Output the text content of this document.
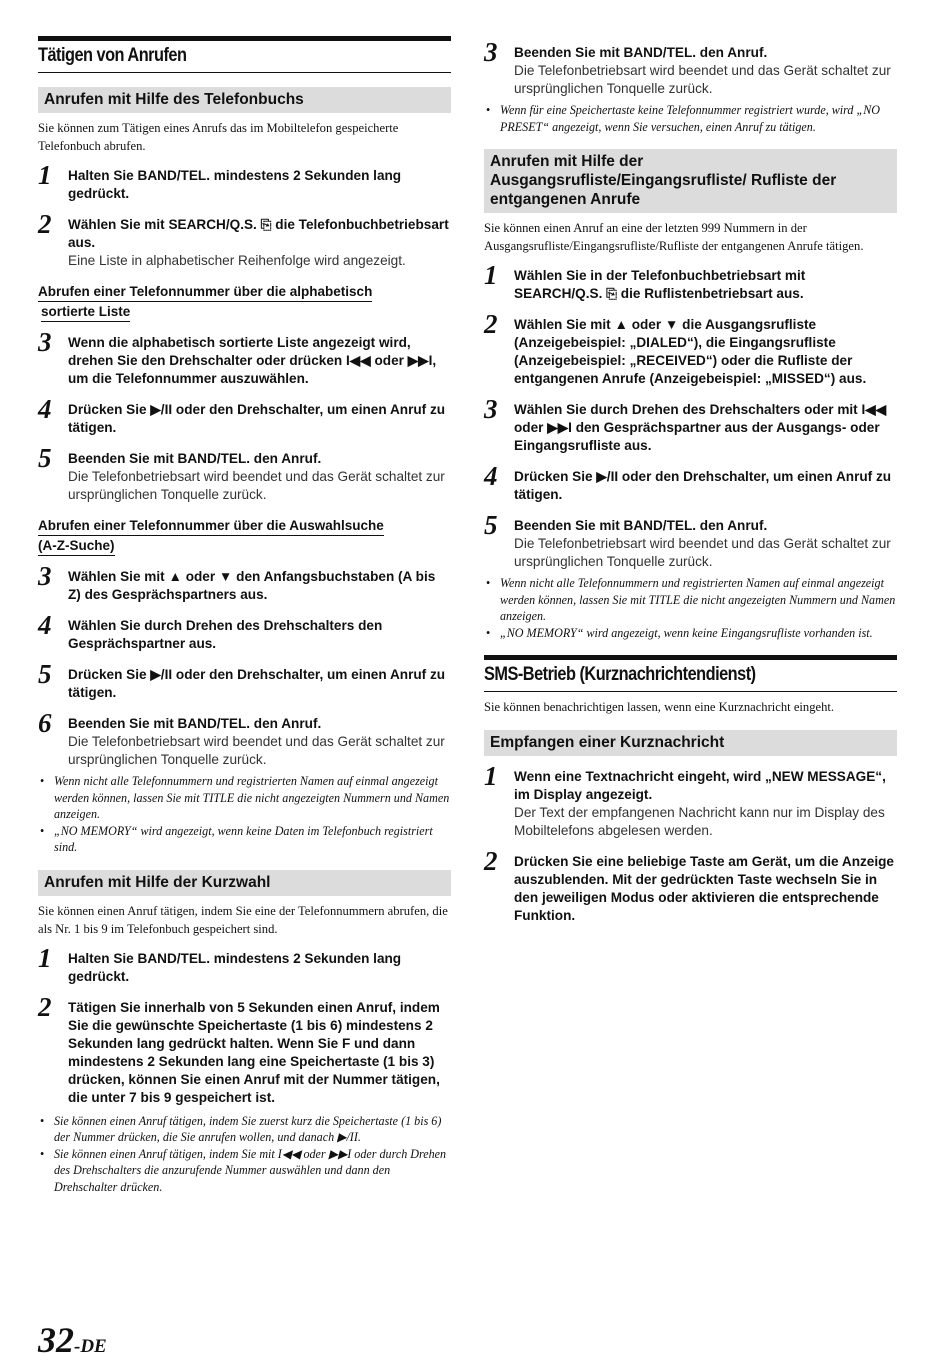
Tätigen von Anrufen
Anrufen mit Hilfe des Telefonbuchs
Sie können zum Tätigen eines Anrufs das im Mobiltelefon gespeicherte Telefonbuch abrufen.
1 Halten Sie BAND/TEL. mindestens 2 Sekunden lang gedrückt.
2 Wählen Sie mit SEARCH/Q.S. ⎘ die Telefonbuchbetriebsart aus.
Eine Liste in alphabetischer Reihenfolge wird angezeigt.
Abrufen einer Telefonnummer über die alphabetisch
sortierte Liste
3 Wenn die alphabetisch sortierte Liste angezeigt wird, drehen Sie den Drehschalter oder drücken I◀◀ oder ▶▶I, um die Telefonnummer auszuwählen.
4 Drücken Sie ▶/II oder den Drehschalter, um einen Anruf zu tätigen.
5 Beenden Sie mit BAND/TEL. den Anruf.
Die Telefonbetriebsart wird beendet und das Gerät schaltet zur ursprünglichen Tonquelle zurück.
Abrufen einer Telefonnummer über die Auswahlsuche
(A-Z-Suche)
3 Wählen Sie mit ▲ oder ▼ den Anfangsbuchstaben (A bis Z) des Gesprächspartners aus.
4 Wählen Sie durch Drehen des Drehschalters den Gesprächspartner aus.
5 Drücken Sie ▶/II oder den Drehschalter, um einen Anruf zu tätigen.
6 Beenden Sie mit BAND/TEL. den Anruf.
Die Telefonbetriebsart wird beendet und das Gerät schaltet zur ursprünglichen Tonquelle zurück.
• Wenn nicht alle Telefonnummern und registrierten Namen auf einmal angezeigt werden können, lassen Sie mit TITLE die nicht angezeigten Nummern und Namen anzeigen.
• „NO MEMORY“ wird angezeigt, wenn keine Daten im Telefonbuch registriert sind.
Anrufen mit Hilfe der Kurzwahl
Sie können einen Anruf tätigen, indem Sie eine der Telefonnummern abrufen, die als Nr. 1 bis 9 im Telefonbuch gespeichert sind.
1 Halten Sie BAND/TEL. mindestens 2 Sekunden lang gedrückt.
2 Tätigen Sie innerhalb von 5 Sekunden einen Anruf, indem Sie die gewünschte Speichertaste (1 bis 6) mindestens 2 Sekunden lang gedrückt halten. Wenn Sie F und dann mindestens 2 Sekunden lang eine Speichertaste (1 bis 3) drücken, können Sie einen Anruf mit der Nummer tätigen, die unter 7 bis 9 gespeichert ist.
• Sie können einen Anruf tätigen, indem Sie zuerst kurz die Speichertaste (1 bis 6) der Nummer drücken, die Sie anrufen wollen, und danach ▶/II.
• Sie können einen Anruf tätigen, indem Sie mit I◀◀ oder ▶▶I oder durch Drehen des Drehschalters die anzurufende Nummer auswählen und dann den Drehschalter drücken.
3 Beenden Sie mit BAND/TEL. den Anruf.
Die Telefonbetriebsart wird beendet und das Gerät schaltet zur ursprünglichen Tonquelle zurück.
• Wenn für eine Speichertaste keine Telefonnummer registriert wurde, wird „NO PRESET“ angezeigt, wenn Sie versuchen, einen Anruf zu tätigen.
Anrufen mit Hilfe der Ausgangsrufliste/Eingangsrufliste/ Rufliste der entgangenen Anrufe
Sie können einen Anruf an eine der letzten 999 Nummern in der Ausgangsrufliste/Eingangsrufliste/Rufliste der entgangenen Anrufe tätigen.
1 Wählen Sie in der Telefonbuchbetriebsart mit SEARCH/Q.S. ⎘ die Ruflistenbetriebsart aus.
2 Wählen Sie mit ▲ oder ▼ die Ausgangsrufliste (Anzeigebeispiel: „DIALED“), die Eingangsrufliste (Anzeigebeispiel: „RECEIVED“) oder die Rufliste der entgangenen Anrufe (Anzeigebeispiel: „MISSED“) aus.
3 Wählen Sie durch Drehen des Drehschalters oder mit I◀◀ oder ▶▶I den Gesprächspartner aus der Ausgangs- oder Eingangsrufliste aus.
4 Drücken Sie ▶/II oder den Drehschalter, um einen Anruf zu tätigen.
5 Beenden Sie mit BAND/TEL. den Anruf.
Die Telefonbetriebsart wird beendet und das Gerät schaltet zur ursprünglichen Tonquelle zurück.
• Wenn nicht alle Telefonnummern und registrierten Namen auf einmal angezeigt werden können, lassen Sie mit TITLE die nicht angezeigten Nummern und Namen anzeigen.
• „NO MEMORY“ wird angezeigt, wenn keine Eingangsrufliste vorhanden ist.
SMS-Betrieb (Kurznachrichtendienst)
Sie können benachrichtigen lassen, wenn eine Kurznachricht eingeht.
Empfangen einer Kurznachricht
1 Wenn eine Textnachricht eingeht, wird „NEW MESSAGE“, im Display angezeigt.
Der Text der empfangenen Nachricht kann nur im Display des Mobiltelefons abgelesen werden.
2 Drücken Sie eine beliebige Taste am Gerät, um die Anzeige auszublenden. Mit der gedrückten Taste wechseln Sie in den jeweiligen Modus oder aktivieren die entsprechende Funktion.
32-DE
